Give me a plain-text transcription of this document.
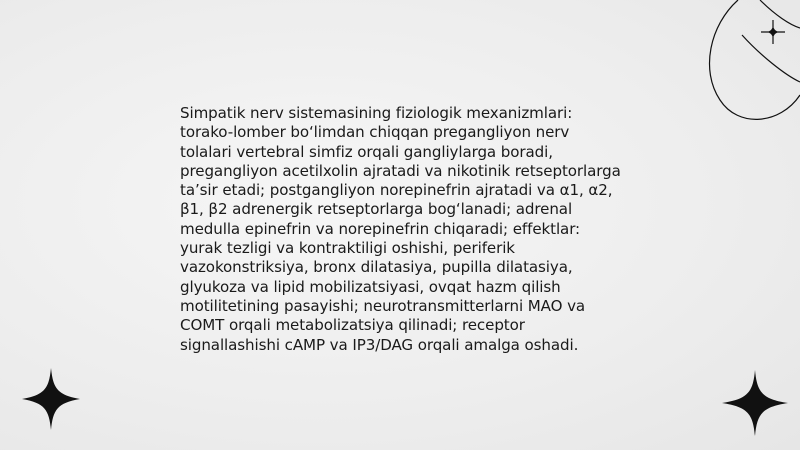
Simpatik nerv sistemasining fiziologik mexanizmlari: torako-lomber bo‘limdan chiqqan pregangliyon nerv tolalari vertebral simfiz orqali gangliylarga boradi, pregangliyon acetilxolin ajratadi va nikotinik retseptorlarga ta’sir etadi; postgangliyon norepinefrin ajratadi va α1, α2, β1, β2 adrenergik retseptorlarga bog‘lanadi; adrenal medulla epinefrin va norepinefrin chiqaradi; effektlar: yurak tezligi va kontraktiligi oshishi, periferik vazokonstriksiya, bronx dilatasiya, pupilla dilatasiya, glyukoza va lipid mobilizatsiyasi, ovqat hazm qilish motilitetining pasayishi; neurotransmitterlarni MAO va COMT orqali metabolizatsiya qilinadi; receptor signallashishi cAMP va IP3/DAG orqali amalga oshadi.
